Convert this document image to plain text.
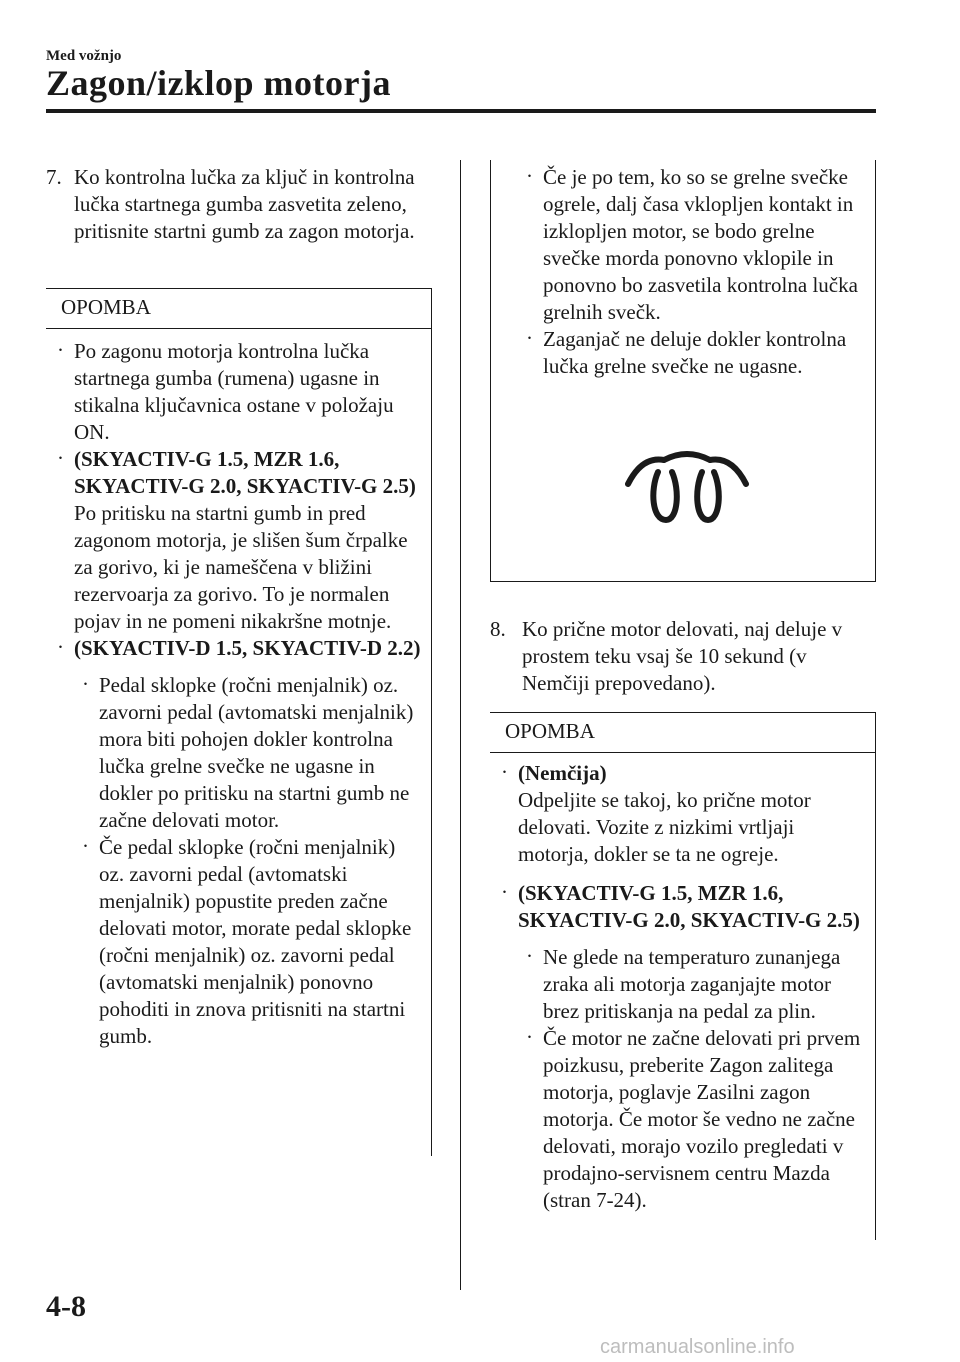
Med vožnjo
Zagon/izklop motorja
7. Ko kontrolna lučka za ključ in kontrolna lučka startnega gumba zasvetita zeleno, pritisnite startni gumb za zagon motorja.
OPOMBA
· Po zagonu motorja kontrolna lučka startnega gumba (rumena) ugasne in stikalna ključavnica ostane v položaju ON.
· (SKYACTIV-G 1.5, MZR 1.6, SKYACTIV-G 2.0, SKYACTIV-G 2.5)
Po pritisku na startni gumb in pred zagonom motorja, je slišen šum črpalke za gorivo, ki je nameščena v bližini rezervoarja za gorivo. To je normalen pojav in ne pomeni nikakršne motnje.
· (SKYACTIV-D 1.5, SKYACTIV-D 2.2)
· Pedal sklopke (ročni menjalnik) oz. zavorni pedal (avtomatski menjalnik) mora biti pohojen dokler kontrolna lučka grelne svečke ne ugasne in dokler po pritisku na startni gumb ne začne delovati motor.
· Če pedal sklopke (ročni menjalnik) oz. zavorni pedal (avtomatski menjalnik) popustite preden začne delovati motor, morate pedal sklopke (ročni menjalnik) oz. zavorni pedal (avtomatski menjalnik) ponovno pohoditi in znova pritisniti na startni gumb.
· Če je po tem, ko so se grelne svečke ogrele, dalj časa vklopljen kontakt in izklopljen motor, se bodo grelne svečke morda ponovno vklopile in ponovno bo zasvetila kontrolna lučka grelnih svečk.
· Zaganjač ne deluje dokler kontrolna lučka grelne svečke ne ugasne.
8. Ko prične motor delovati, naj deluje v prostem teku vsaj še 10 sekund (v Nemčiji prepovedano).
OPOMBA
· (Nemčija)
Odpeljite se takoj, ko prične motor delovati. Vozite z nizkimi vrtljaji motorja, dokler se ta ne ogreje.
· (SKYACTIV-G 1.5, MZR 1.6, SKYACTIV-G 2.0, SKYACTIV-G 2.5)
· Ne glede na temperaturo zunanjega zraka ali motorja zaganjajte motor brez pritiskanja na pedal za plin.
· Če motor ne začne delovati pri prvem poizkusu, preberite Zagon zalitega motorja, poglavje Zasilni zagon motorja. Če motor še vedno ne začne delovati, morajo vozilo pregledati v prodajno-servisnem centru Mazda (stran 7-24).
4-8
carmanualsonline.info
